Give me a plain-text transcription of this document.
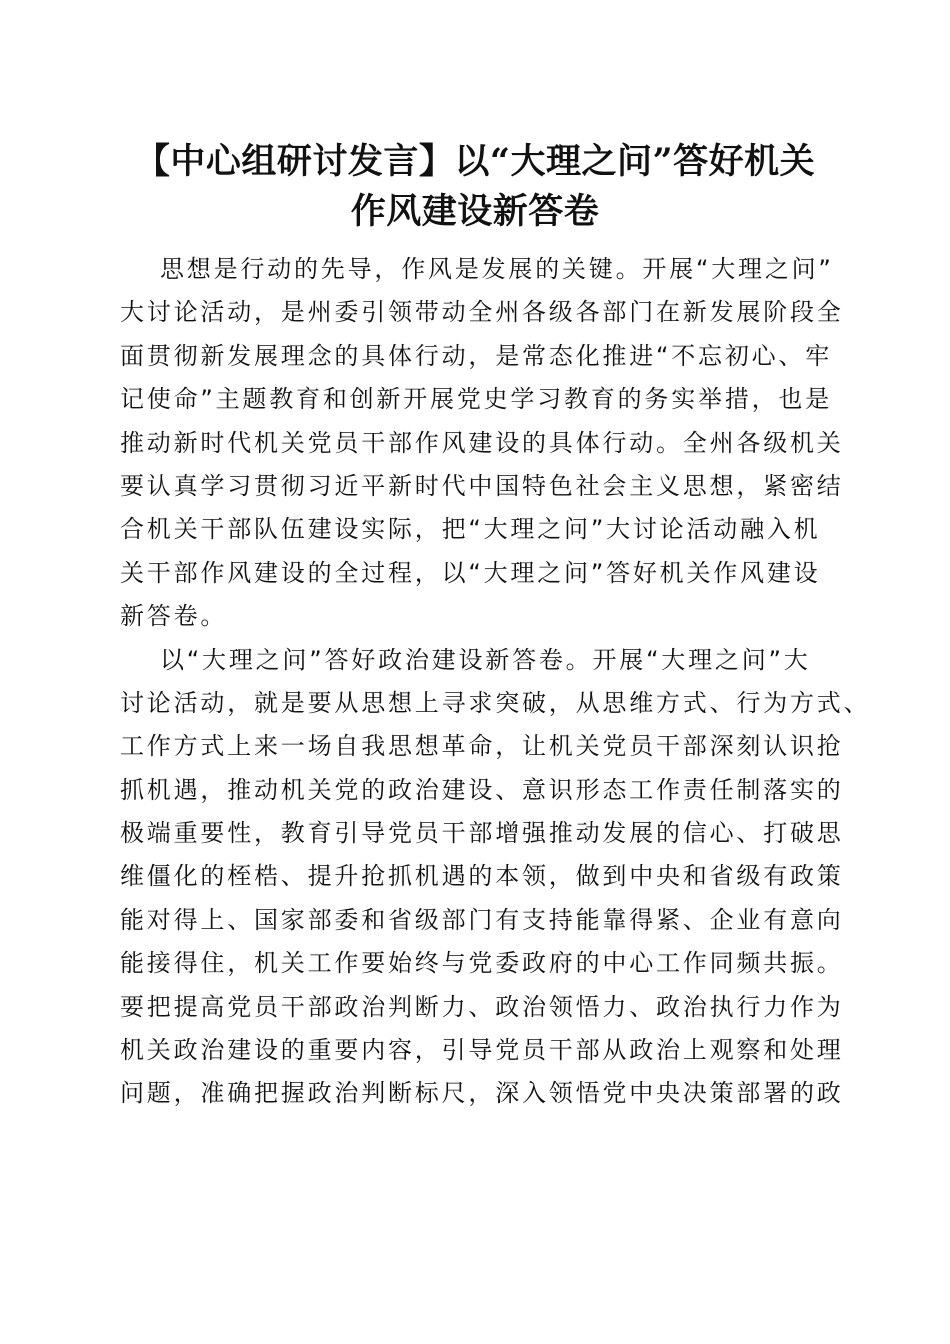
【中心组研讨发言】以“大理之问”答好机关
作风建设新答卷
思想是行动的先导，作风是发展的关键。开展“大理之问”
大讨论活动，是州委引领带动全州各级各部门在新发展阶段全
面贯彻新发展理念的具体行动，是常态化推进“不忘初心、牢
记使命”主题教育和创新开展党史学习教育的务实举措，也是
推动新时代机关党员干部作风建设的具体行动。全州各级机关
要认真学习贯彻习近平新时代中国特色社会主义思想，紧密结
合机关干部队伍建设实际，把“大理之问”大讨论活动融入机
关干部作风建设的全过程，以“大理之问”答好机关作风建设
新答卷。
以“大理之问”答好政治建设新答卷。开展“大理之问”大
讨论活动，就是要从思想上寻求突破，从思维方式、行为方式、
工作方式上来一场自我思想革命，让机关党员干部深刻认识抢
抓机遇，推动机关党的政治建设、意识形态工作责任制落实的
极端重要性，教育引导党员干部增强推动发展的信心、打破思
维僵化的桎梏、提升抢抓机遇的本领，做到中央和省级有政策
能对得上、国家部委和省级部门有支持能靠得紧、企业有意向
能接得住，机关工作要始终与党委政府的中心工作同频共振。
要把提高党员干部政治判断力、政治领悟力、政治执行力作为
机关政治建设的重要内容，引导党员干部从政治上观察和处理
问题，准确把握政治判断标尺，深入领悟党中央决策部署的政
